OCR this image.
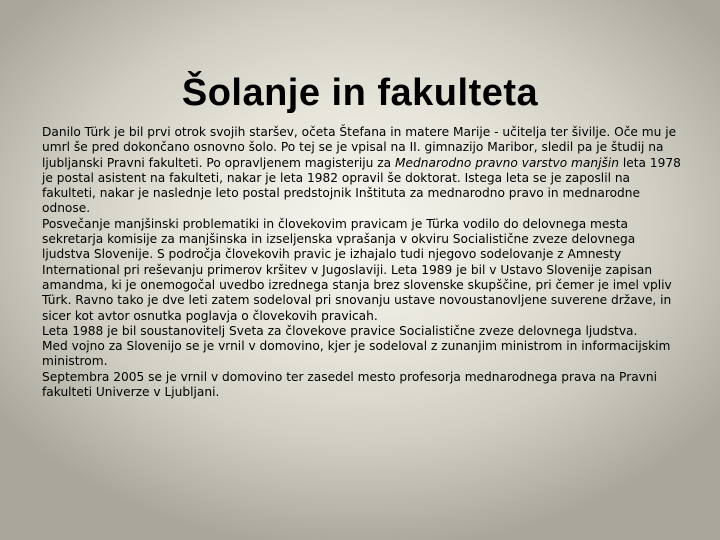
Šolanje in fakulteta

Danilo Türk je bil prvi otrok svojih staršev, očeta Štefana in matere Marije - učitelja ter šivilje. Oče mu je umrl še pred dokončano osnovno šolo. Po tej se je vpisal na II. gimnazijo Maribor, sledil pa je študij na ljubljanski Pravni fakulteti. Po opravljenem magisteriju za Mednarodno pravno varstvo manjšin leta 1978 je postal asistent na fakulteti, nakar je leta 1982 opravil še doktorat. Istega leta se je zaposlil na fakulteti, nakar je naslednje leto postal predstojnik Inštituta za mednarodno pravo in mednarodne odnose.

Posvečanje manjšinski problematiki in človekovim pravicam je Türka vodilo do delovnega mesta sekretarja komisije za manjšinska in izseljenska vprašanja v okviru Socialistične zveze delovnega ljudstva Slovenije. S področja človekovih pravic je izhajalo tudi njegovo sodelovanje z Amnesty International pri reševanju primerov kršitev v Jugoslaviji. Leta 1989 je bil v Ustavo Slovenije zapisan amandma, ki je onemogočal uvedbo izrednega stanja brez slovenske skupščine, pri čemer je imel vpliv Türk. Ravno tako je dve leti zatem sodeloval pri snovanju ustave novoustanovljene suverene države, in sicer kot avtor osnutka poglavja o človekovih pravicah.

Leta 1988 je bil soustanovitelj Sveta za človekove pravice Socialistične zveze delovnega ljudstva.

Med vojno za Slovenijo se je vrnil v domovino, kjer je sodeloval z zunanjim ministrom in informacijskim ministrom.

Septembra 2005 se je vrnil v domovino ter zasedel mesto profesorja mednarodnega prava na Pravni fakulteti Univerze v Ljubljani.
